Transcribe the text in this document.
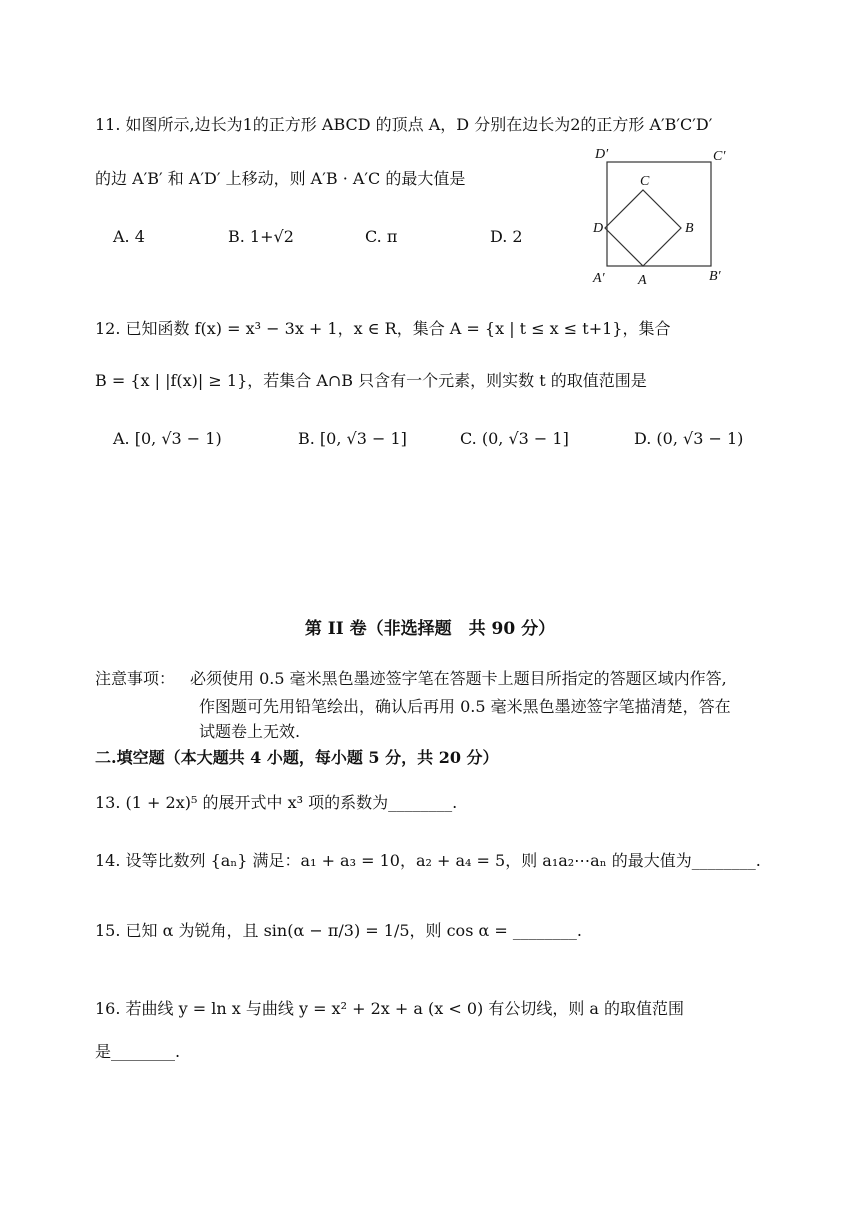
11. 如图所示,边长为1的正方形 ABCD 的顶点 A，D 分别在边长为2的正方形 A′B′C′D′
的边 A′B′ 和 A′D′ 上移动，则 A′B · A′C 的最大值是
A. 4	B. 1+√2	C. π	D. 2
D′	C′
A′	B′
A
B
C
D
12. 已知函数 f(x) = x³ − 3x + 1，x ∈ R，集合 A = {x | t ≤ x ≤ t+1}，集合
B = {x | |f(x)| ≥ 1}，若集合 A∩B 只含有一个元素，则实数 t 的取值范围是
A. [0, √3 − 1)	B. [0, √3 − 1]	C. (0, √3 − 1]	D. (0, √3 − 1)
第 II 卷（非选择题　共 90 分）
注意事项： 必须使用 0.5 毫米黑色墨迹签字笔在答题卡上题目所指定的答题区域内作答,
作图题可先用铅笔绘出，确认后再用 0.5 毫米黑色墨迹签字笔描清楚，答在
试题卷上无效.
二.填空题（本大题共 4 小题，每小题 5 分，共 20 分）
13. (1 + 2x)⁵ 的展开式中 x³ 项的系数为________.
14. 设等比数列 {aₙ} 满足：a₁ + a₃ = 10，a₂ + a₄ = 5，则 a₁a₂⋯aₙ 的最大值为________.
15. 已知 α 为锐角，且 sin(α − π/3) = 1/5，则 cos α = ________.
16. 若曲线 y = ln x 与曲线 y = x² + 2x + a (x < 0) 有公切线，则 a 的取值范围
是________.
